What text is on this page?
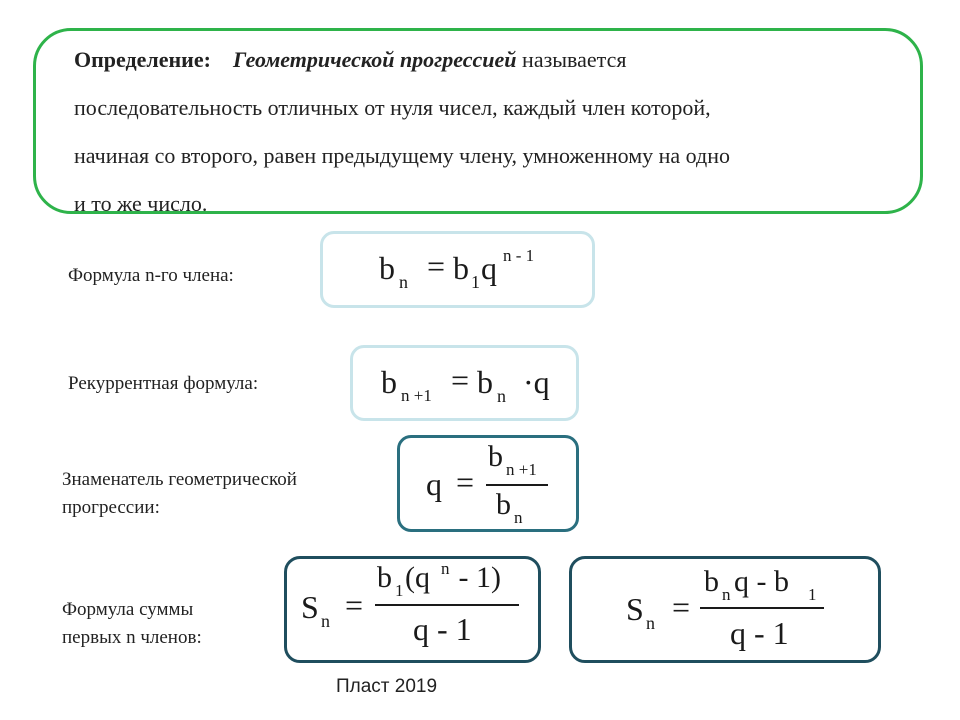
Определение: Геометрической прогрессией называется
последовательность отличных от нуля чисел, каждый член которой,
начиная со второго, равен предыдущему члену, умноженному на одно
и то же число.
Формула n-го члена:	b n = b 1 q n - 1
Рекуррентная формула:	b n +1 = b n ·q
Знаменатель геометрической
прогрессии:
q =
b n +1
b n
Формула суммы
первых n членов:
S n =
b 1 (q n - 1)
q - 1
S n =
b n q - b 1
q - 1
Пласт 2019
